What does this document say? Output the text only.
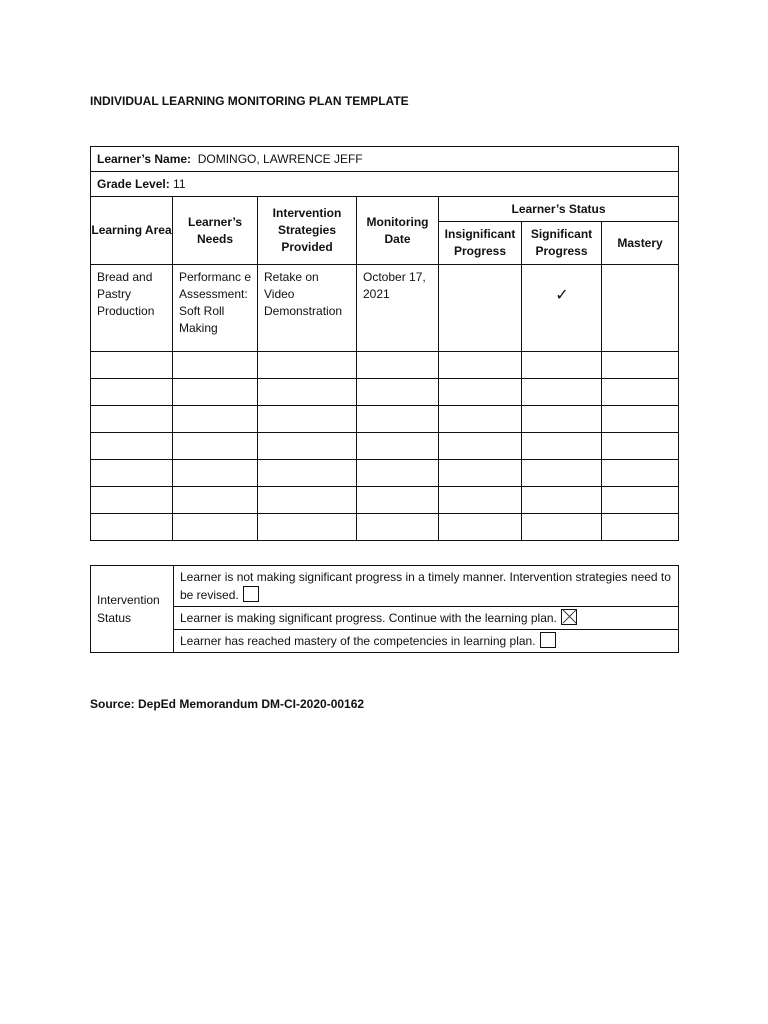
INDIVIDUAL LEARNING MONITORING PLAN TEMPLATE
Learner’s Name: DOMINGO, LAWRENCE JEFF						
Grade Level: 11						
Learning Area	Learner’s Needs	Intervention Strategies Provided	Monitoring Date	Learner’s Status		
				Insignificant Progress	Significant Progress	Mastery
Bread and Pastry Production	Performanc e Assessment: Soft Roll Making	Retake on Video Demonstration	October 17, 2021		✓	

Intervention Status	Learner is not making significant progress in a timely manner. Intervention strategies need to be revised.
Learner is making significant progress. Continue with the learning plan.
Learner has reached mastery of the competencies in learning plan.
Source: DepEd Memorandum DM-CI-2020-00162
